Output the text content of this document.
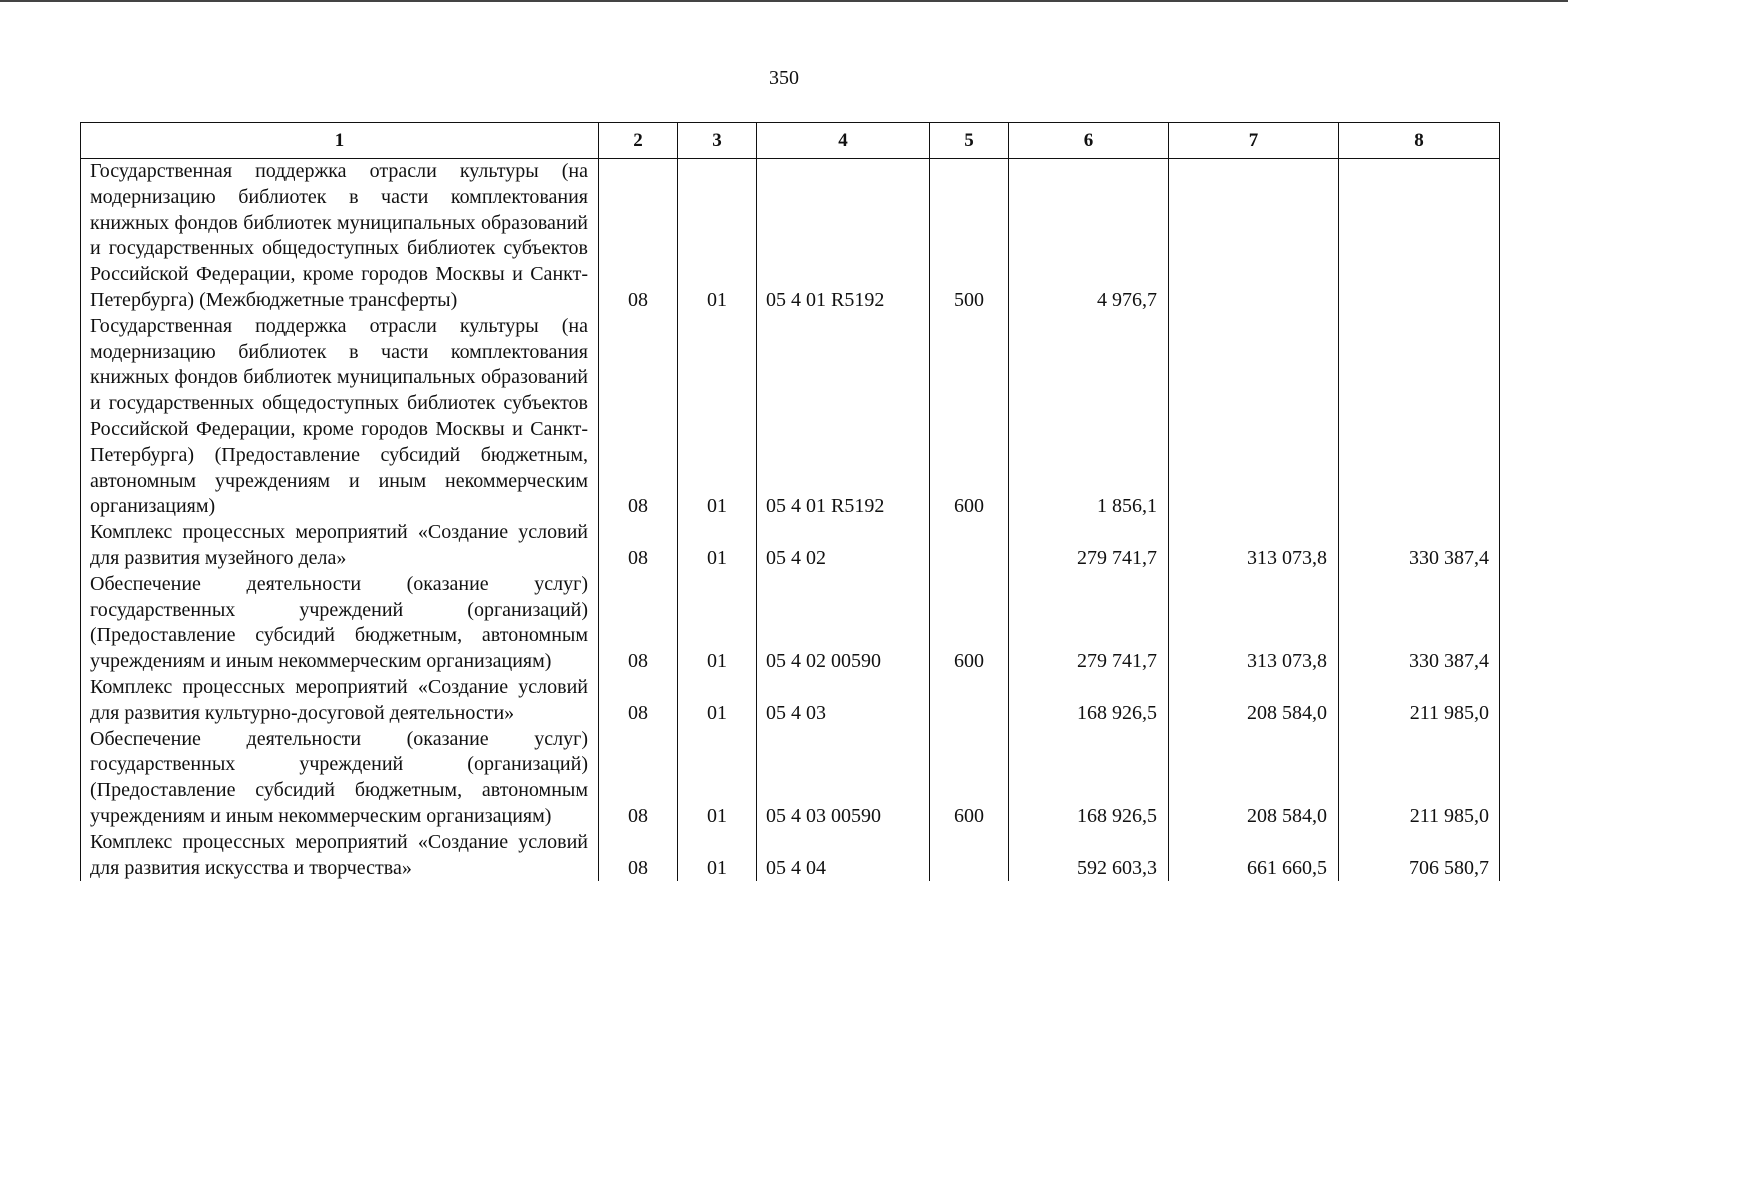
350
1	2	3	4	5	6	7	8

Государственная поддержка отрасли культуры (на модернизацию библиотек в части комплектования книжных фондов библиотек муниципальных образований и государственных общедоступных библиотек субъектов Российской Федерации, кроме городов Москвы и Санкт-Петербурга) (Межбюджетные трансферты)	08	01	05 4 01 R5192	500	4 976,7		

Государственная поддержка отрасли культуры (на модернизацию библиотек в части комплектования книжных фондов библиотек муниципальных образований и государственных общедоступных библиотек субъектов Российской Федерации, кроме городов Москвы и Санкт-Петербурга) (Предоставление субсидий бюджетным, автономным учреждениям и иным некоммерческим организациям)	08	01	05 4 01 R5192	600	1 856,1		

Комплекс процессных мероприятий «Создание условий для развития музейного дела»	08	01	05 4 02		279 741,7	313 073,8	330 387,4

Обеспечение деятельности (оказание услуг) государственных учреждений (организаций) (Предоставление субсидий бюджетным, автономным учреждениям и иным некоммерческим организациям)	08	01	05 4 02 00590	600	279 741,7	313 073,8	330 387,4

Комплекс процессных мероприятий «Создание условий для развития культурно-досуговой деятельности»	08	01	05 4 03		168 926,5	208 584,0	211 985,0

Обеспечение деятельности (оказание услуг) государственных учреждений (организаций) (Предоставление субсидий бюджетным, автономным учреждениям и иным некоммерческим организациям)	08	01	05 4 03 00590	600	168 926,5	208 584,0	211 985,0

Комплекс процессных мероприятий «Создание условий для развития искусства и творчества»	08	01	05 4 04		592 603,3	661 660,5	706 580,7
